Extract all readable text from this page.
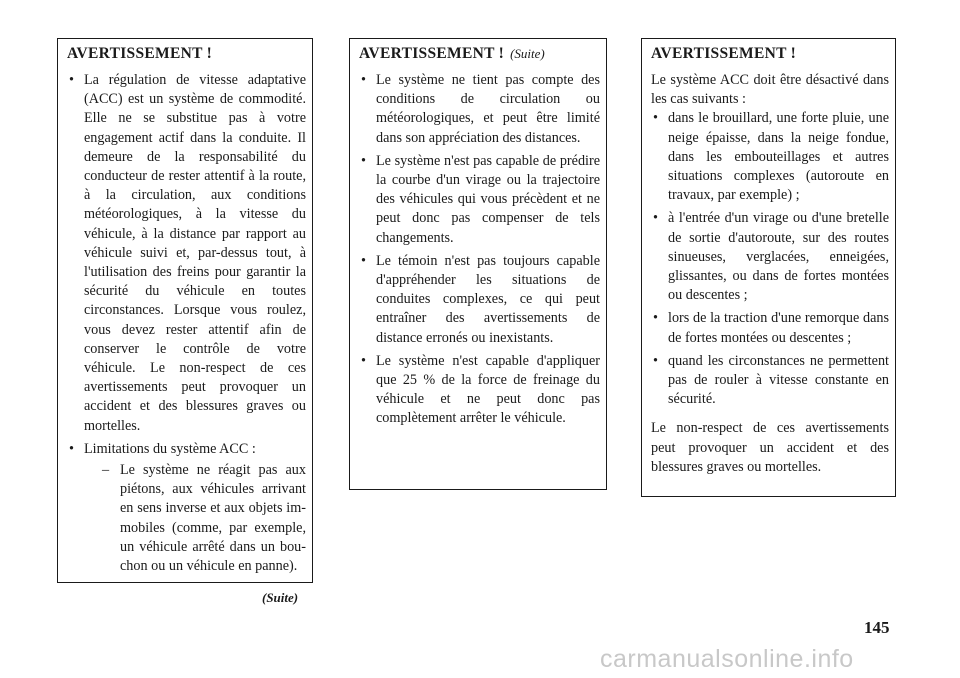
AVERTISSEMENT !
• La régulation de vitesse adaptative (ACC) est un système de commodité. Elle ne se substitue pas à votre engagement actif dans la conduite. Il demeure de la responsabilité du conducteur de rester attentif à la route, à la circulation, aux conditions météorologiques, à la vitesse du véhicule, à la distance par rapport au véhicule suivi et, par-dessus tout, à l'utilisation des freins pour garantir la sécurité du véhicule en toutes circonstances. Lorsque vous roulez, vous devez rester attentif afin de conserver le contrôle de votre véhicule. Le non-respect de ces avertissements peut provoquer un accident et des blessures graves ou mortelles.
• Limitations du système ACC :
– Le système ne réagit pas aux piétons, aux véhicules arrivant en sens inverse et aux objets immobiles (comme, par exemple, un véhicule arrêté dans un bouchon ou un véhicule en panne).
(Suite)
AVERTISSEMENT ! (Suite)
• Le système ne tient pas compte des conditions de circulation ou météorologiques, et peut être limité dans son appréciation des distances.
• Le système n'est pas capable de prédire la courbe d'un virage ou la trajectoire des véhicules qui vous précèdent et ne peut donc pas compenser de tels changements.
• Le témoin n'est pas toujours capable d'appréhender les situations de conduites complexes, ce qui peut entraîner des avertissements de distance erronés ou inexistants.
• Le système n'est capable d'appliquer que 25 % de la force de freinage du véhicule et ne peut donc pas complètement arrêter le véhicule.
AVERTISSEMENT !

Le système ACC doit être désactivé dans les cas suivants :

• dans le brouillard, une forte pluie, une neige épaisse, dans la neige fondue, dans les embouteillages et autres situations complexes (autoroute en travaux, par exemple) ;
• à l'entrée d'un virage ou d'une bretelle de sortie d'autoroute, sur des routes sinueuses, verglacées, enneigées, glissantes, ou dans de fortes montées ou descentes ;
• lors de la traction d'une remorque dans de fortes montées ou descentes ;
• quand les circonstances ne permettent pas de rouler à vitesse constante en sécurité.

Le non-respect de ces avertissements peut provoquer un accident et des blessures graves ou mortelles.

145
carmanualsonline.info
